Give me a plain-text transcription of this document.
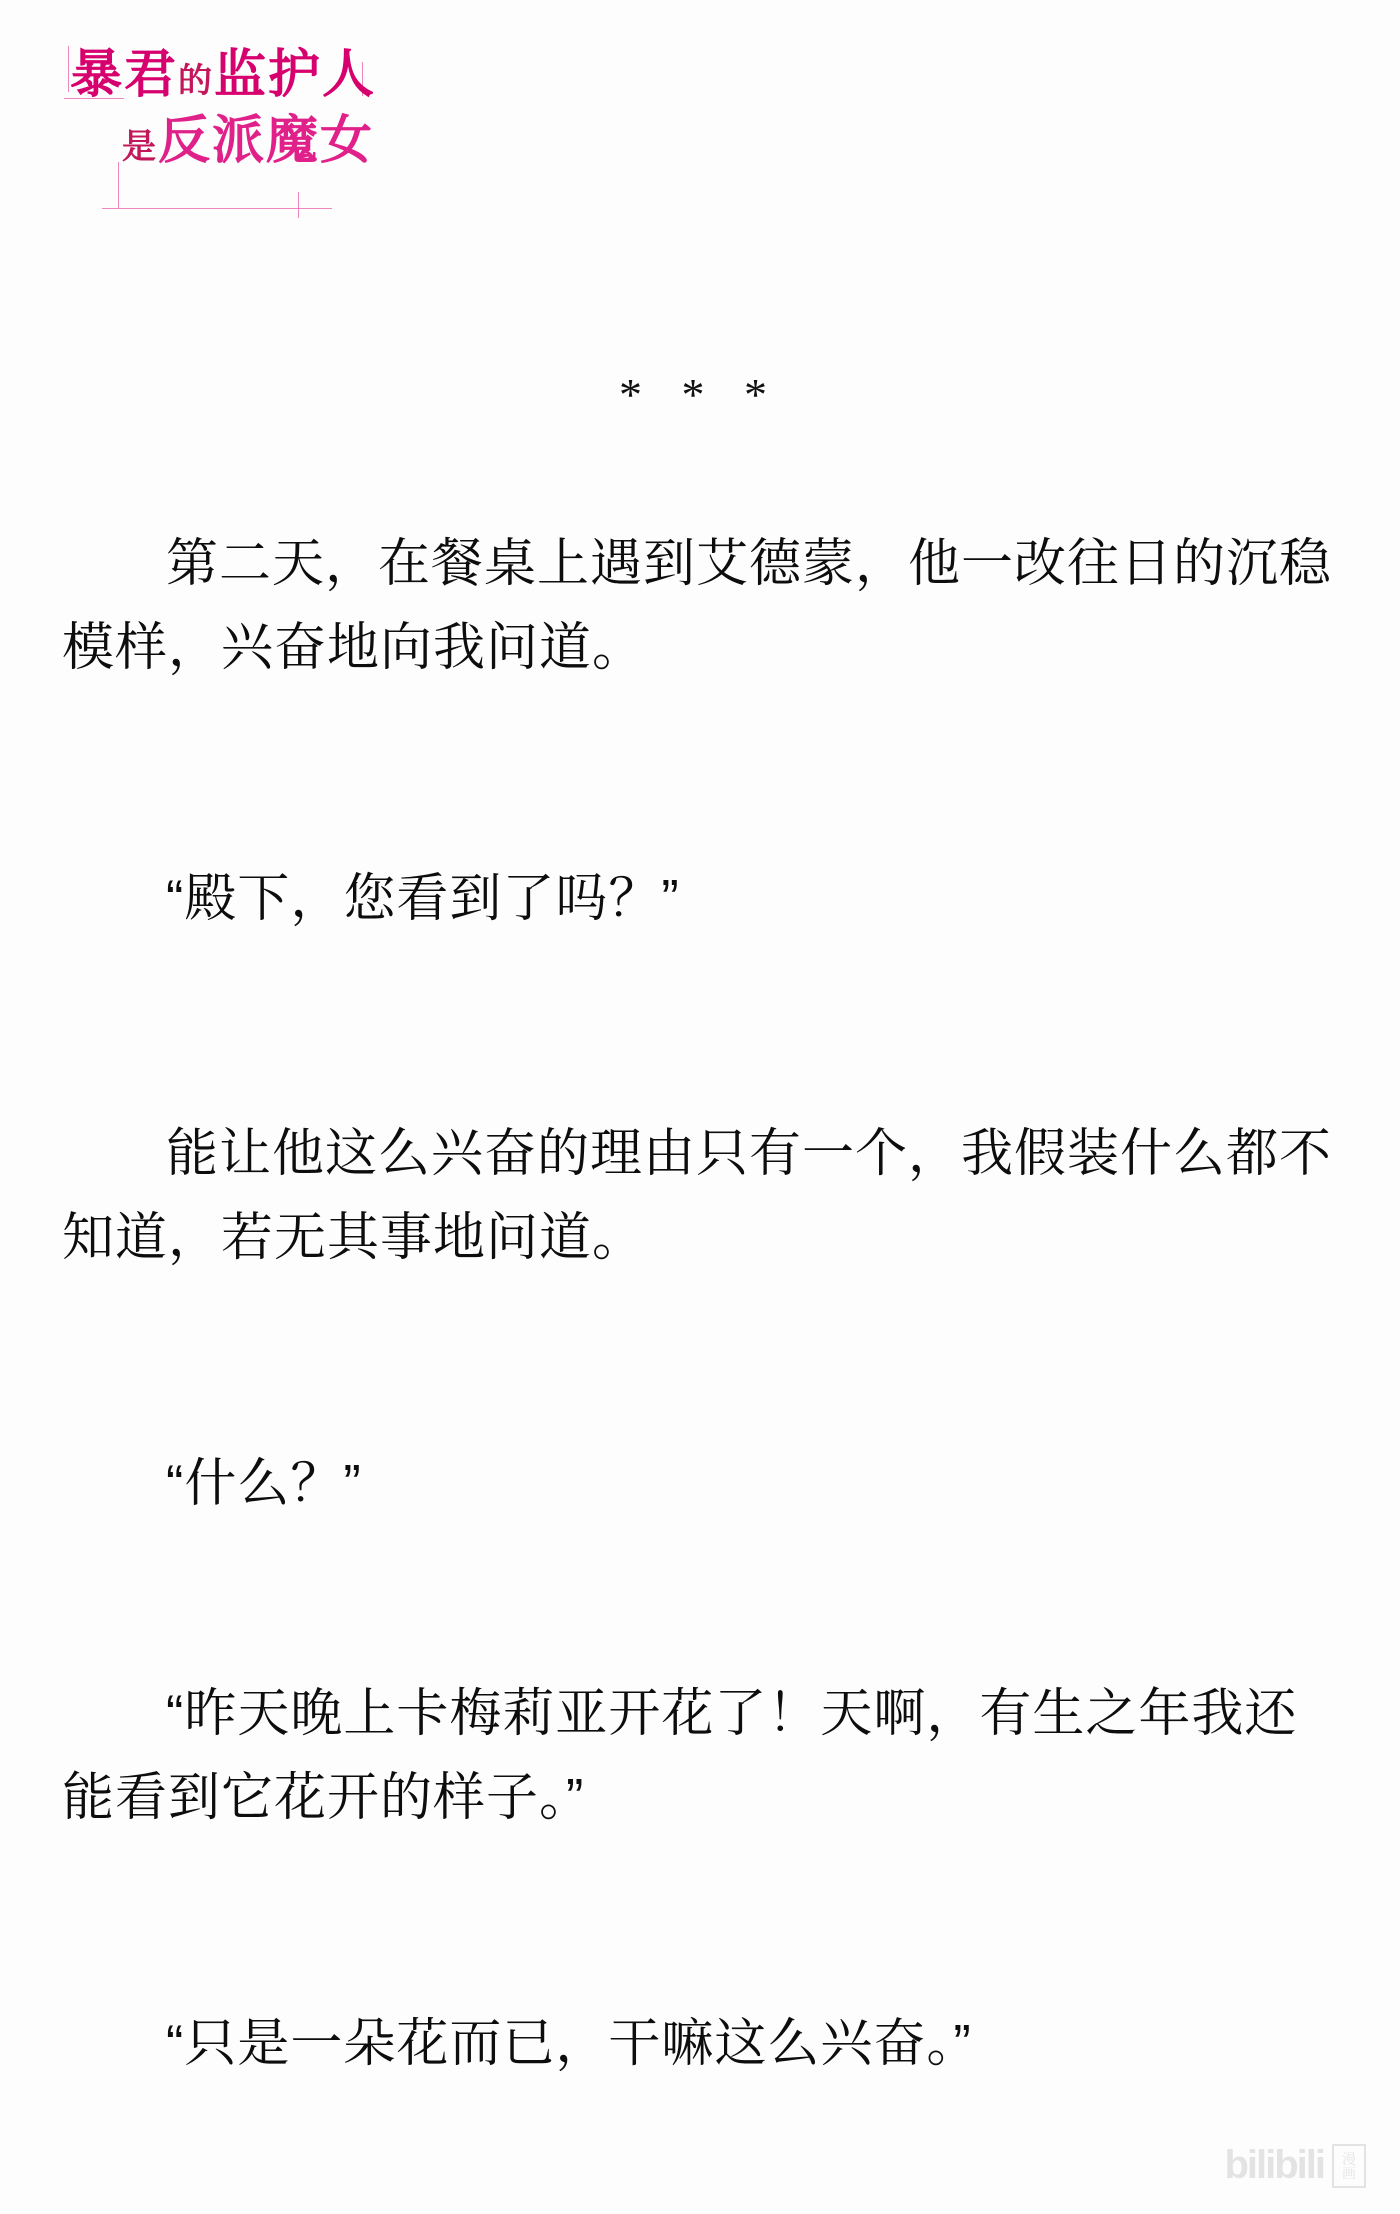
暴君的监护人
是反派魔女
* * *

第二天，在餐桌上遇到艾德蒙，他一改往日的沉稳模样，兴奋地向我问道。

“殿下，您看到了吗？”

能让他这么兴奋的理由只有一个，我假装什么都不知道，若无其事地问道。

“什么？”

“昨天晚上卡梅莉亚开花了！天啊，有生之年我还能看到它花开的样子。”

“只是一朵花而已，干嘛这么兴奋。”

bilibili 漫
画
